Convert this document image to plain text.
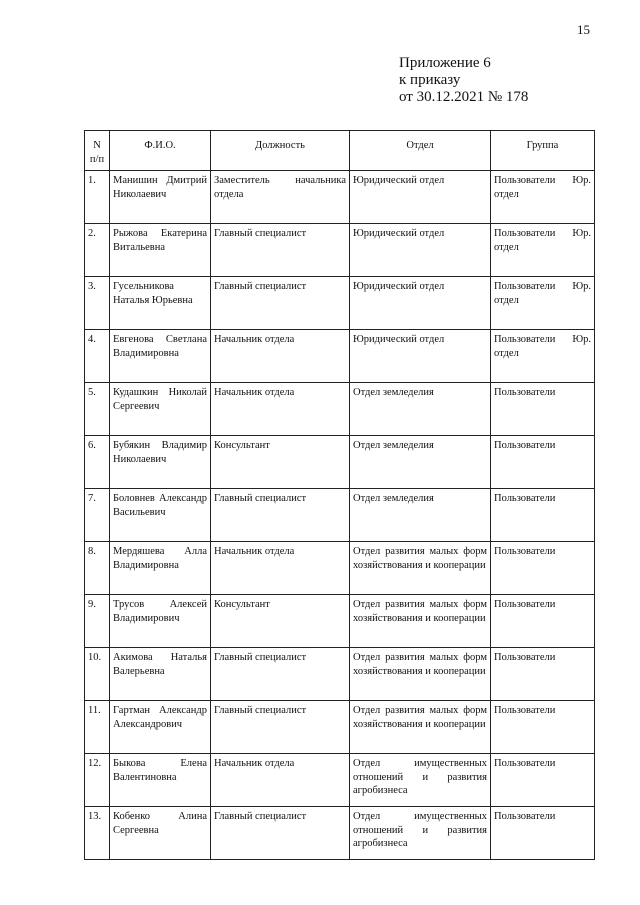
15
Приложение 6
к приказу
от 30.12.2021 № 178
N п/п	Ф.И.О.	Должность	Отдел	Группа
1.	Манишин Дмитрий Николаевич	Заместитель начальника отдела	Юридический отдел	Пользователи Юр. отдел
2.	Рыжова Екатерина Витальевна	Главный специалист	Юридический отдел	Пользователи Юр. отдел
3.	Гусельникова Наталья Юрьевна	Главный специалист	Юридический отдел	Пользователи Юр. отдел
4.	Евгенова Светлана Владимировна	Начальник отдела	Юридический отдел	Пользователи Юр. отдел
5.	Кудашкин Николай Сергеевич	Начальник отдела	Отдел земледелия	Пользователи
6.	Бубякин Владимир Николаевич	Консультант	Отдел земледелия	Пользователи
7.	Боловнев Александр Васильевич	Главный специалист	Отдел земледелия	Пользователи
8.	Мердяшева Алла Владимировна	Начальник отдела	Отдел развития малых форм хозяйствования и кооперации	Пользователи
9.	Трусов Алексей Владимирович	Консультант	Отдел развития малых форм хозяйствования и кооперации	Пользователи
10.	Акимова Наталья Валерьевна	Главный специалист	Отдел развития малых форм хозяйствования и кооперации	Пользователи
11.	Гартман Александр Александрович	Главный специалист	Отдел развития малых форм хозяйствования и кооперации	Пользователи
12.	Быкова Елена Валентиновна	Начальник отдела	Отдел имущественных отношений и развития агробизнеса	Пользователи
13.	Кобенко Алина Сергеевна	Главный специалист	Отдел имущественных отношений и развития агробизнеса	Пользователи
